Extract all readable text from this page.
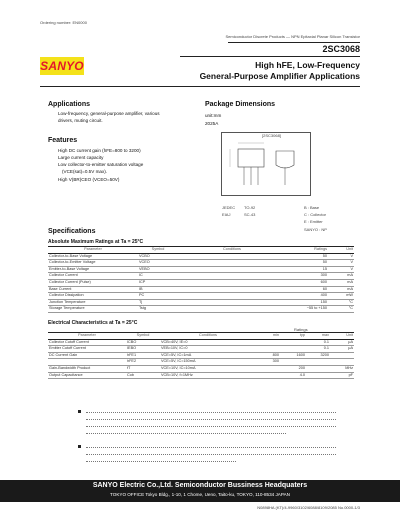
Ordering number: EN0000
Semiconductor Discrete Products — NPN Epitaxial Planar Silicon Transistor
SANYO
2SC3068
High hFE, Low-Frequency
General-Purpose Amplifier Applications
Applications
Low-frequency, general-purpose amplifier, various
drivers, muting circuit.
Features
High DC current gain (hFE=800 to 3200)
Large current capacity
Low collector-to-emitter saturation voltage
(VCE(sat)=0.5V max).
High V(BR)CEO (VCEO=50V)
Package Dimensions
unit:mm
2025A
[2SC3068]
JEDEC TO-92
EIAJ	SC-43
B : Base
C : Collector
E : Emitter
SANYO : NP
Specifications
Absolute Maximum Ratings at Ta = 25°C
Parameter	Symbol	Conditions	Ratings	Unit
Collector-to-Base Voltage	VCBO		50	V
Collector-to-Emitter Voltage	VCEO		50	V
Emitter-to-Base Voltage	VEBO		15	V
Collector Current	IC		300	mA
Collector Current (Pulse)	ICP		600	mA
Base Current	IB		60	mA
Collector Dissipation	PC		400	mW
Junction Temperature	Tj		150	°C
Storage Temperature	Tstg		−55 to +150	°C
Electrical Characteristics at Ta = 25°C
Ratings
Parameter	Symbol	Conditions	min	typ	max	Unit
Collector Cutoff Current	ICBO	VCB=40V, IE=0			0.1	μA
Emitter Cutoff Current	IEBO	VEB=10V, IC=0			0.1	μA
DC Current Gain	hFE1	VCE=5V, IC=1mA	800	1600	3200	
	hFE2	VCE=5V, IC=150mA	300			
Gain-Bandwidth Product	fT	VCE=10V, IC=10mA		200		MHz
Output Capacitance	Cob	VCB=10V, f=1MHz		4.0		pF
SANYO Electric Co.,Ltd. Semiconductor Bussiness Headquaters
TOKYO OFFICE Tokyo Bldg., 1-10, 1 Chome, Ueno, Taito-ku, TOKYO, 110-8534 JAPAN
N0898HA (KT)/4-9960/3102/6088/8109/2085 No.0000-1/3
